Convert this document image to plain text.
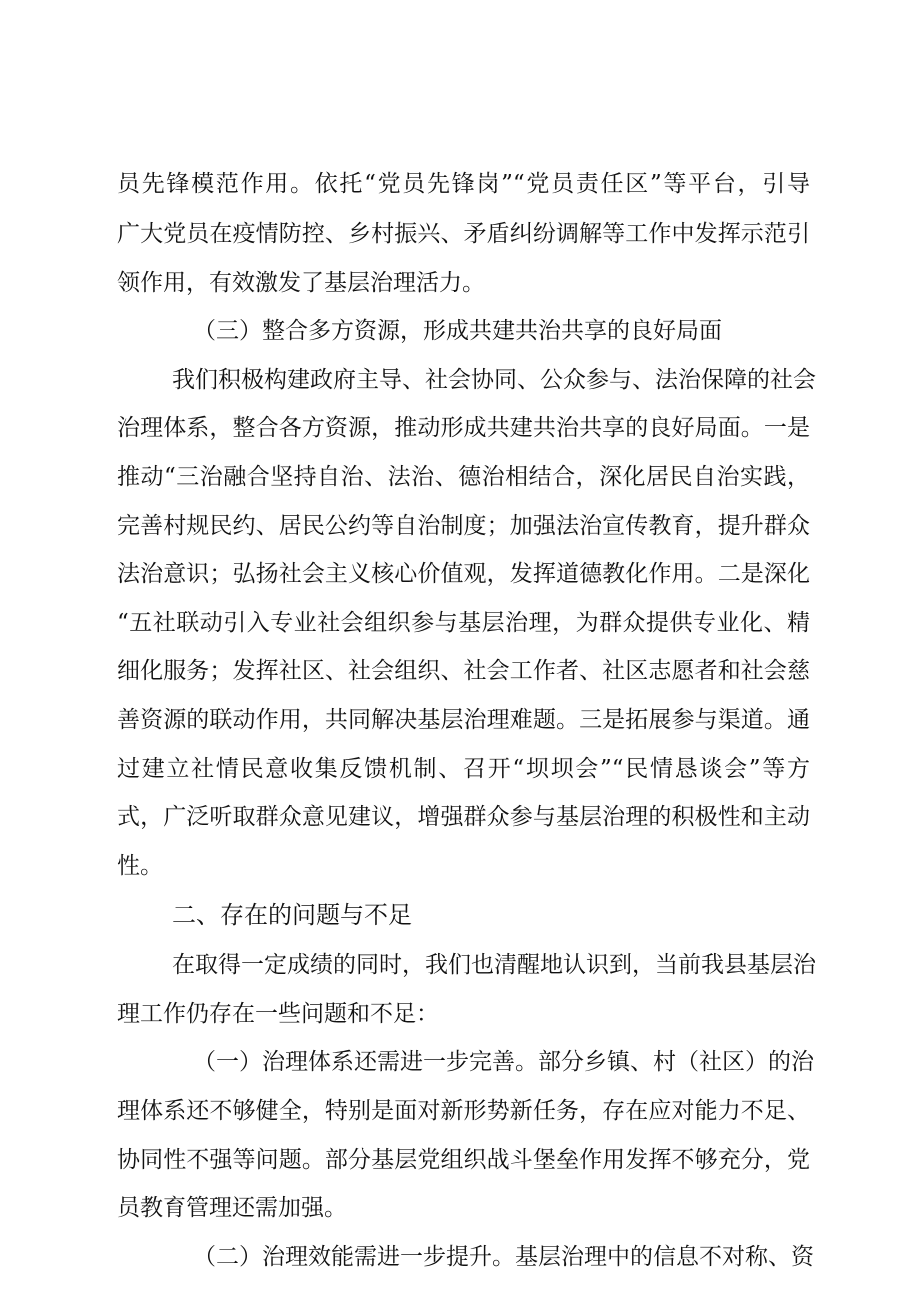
员先锋模范作用。依托“党员先锋岗”“党员责任区”等平台，引导
广大党员在疫情防控、乡村振兴、矛盾纠纷调解等工作中发挥示范引
领作用，有效激发了基层治理活力。
（三）整合多方资源，形成共建共治共享的良好局面
我们积极构建政府主导、社会协同、公众参与、法治保障的社会
治理体系，整合各方资源，推动形成共建共治共享的良好局面。一是
推动“三治融合坚持自治、法治、德治相结合，深化居民自治实践，
完善村规民约、居民公约等自治制度；加强法治宣传教育，提升群众
法治意识；弘扬社会主义核心价值观，发挥道德教化作用。二是深化
“五社联动引入专业社会组织参与基层治理，为群众提供专业化、精
细化服务；发挥社区、社会组织、社会工作者、社区志愿者和社会慈
善资源的联动作用，共同解决基层治理难题。三是拓展参与渠道。通
过建立社情民意收集反馈机制、召开“坝坝会”“民情恳谈会”等方
式，广泛听取群众意见建议，增强群众参与基层治理的积极性和主动
性。
二、存在的问题与不足
在取得一定成绩的同时，我们也清醒地认识到，当前我县基层治
理工作仍存在一些问题和不足：
（一）治理体系还需进一步完善。部分乡镇、村（社区）的治
理体系还不够健全，特别是面对新形势新任务，存在应对能力不足、
协同性不强等问题。部分基层党组织战斗堡垒作用发挥不够充分，党
员教育管理还需加强。
（二）治理效能需进一步提升。基层治理中的信息不对称、资
